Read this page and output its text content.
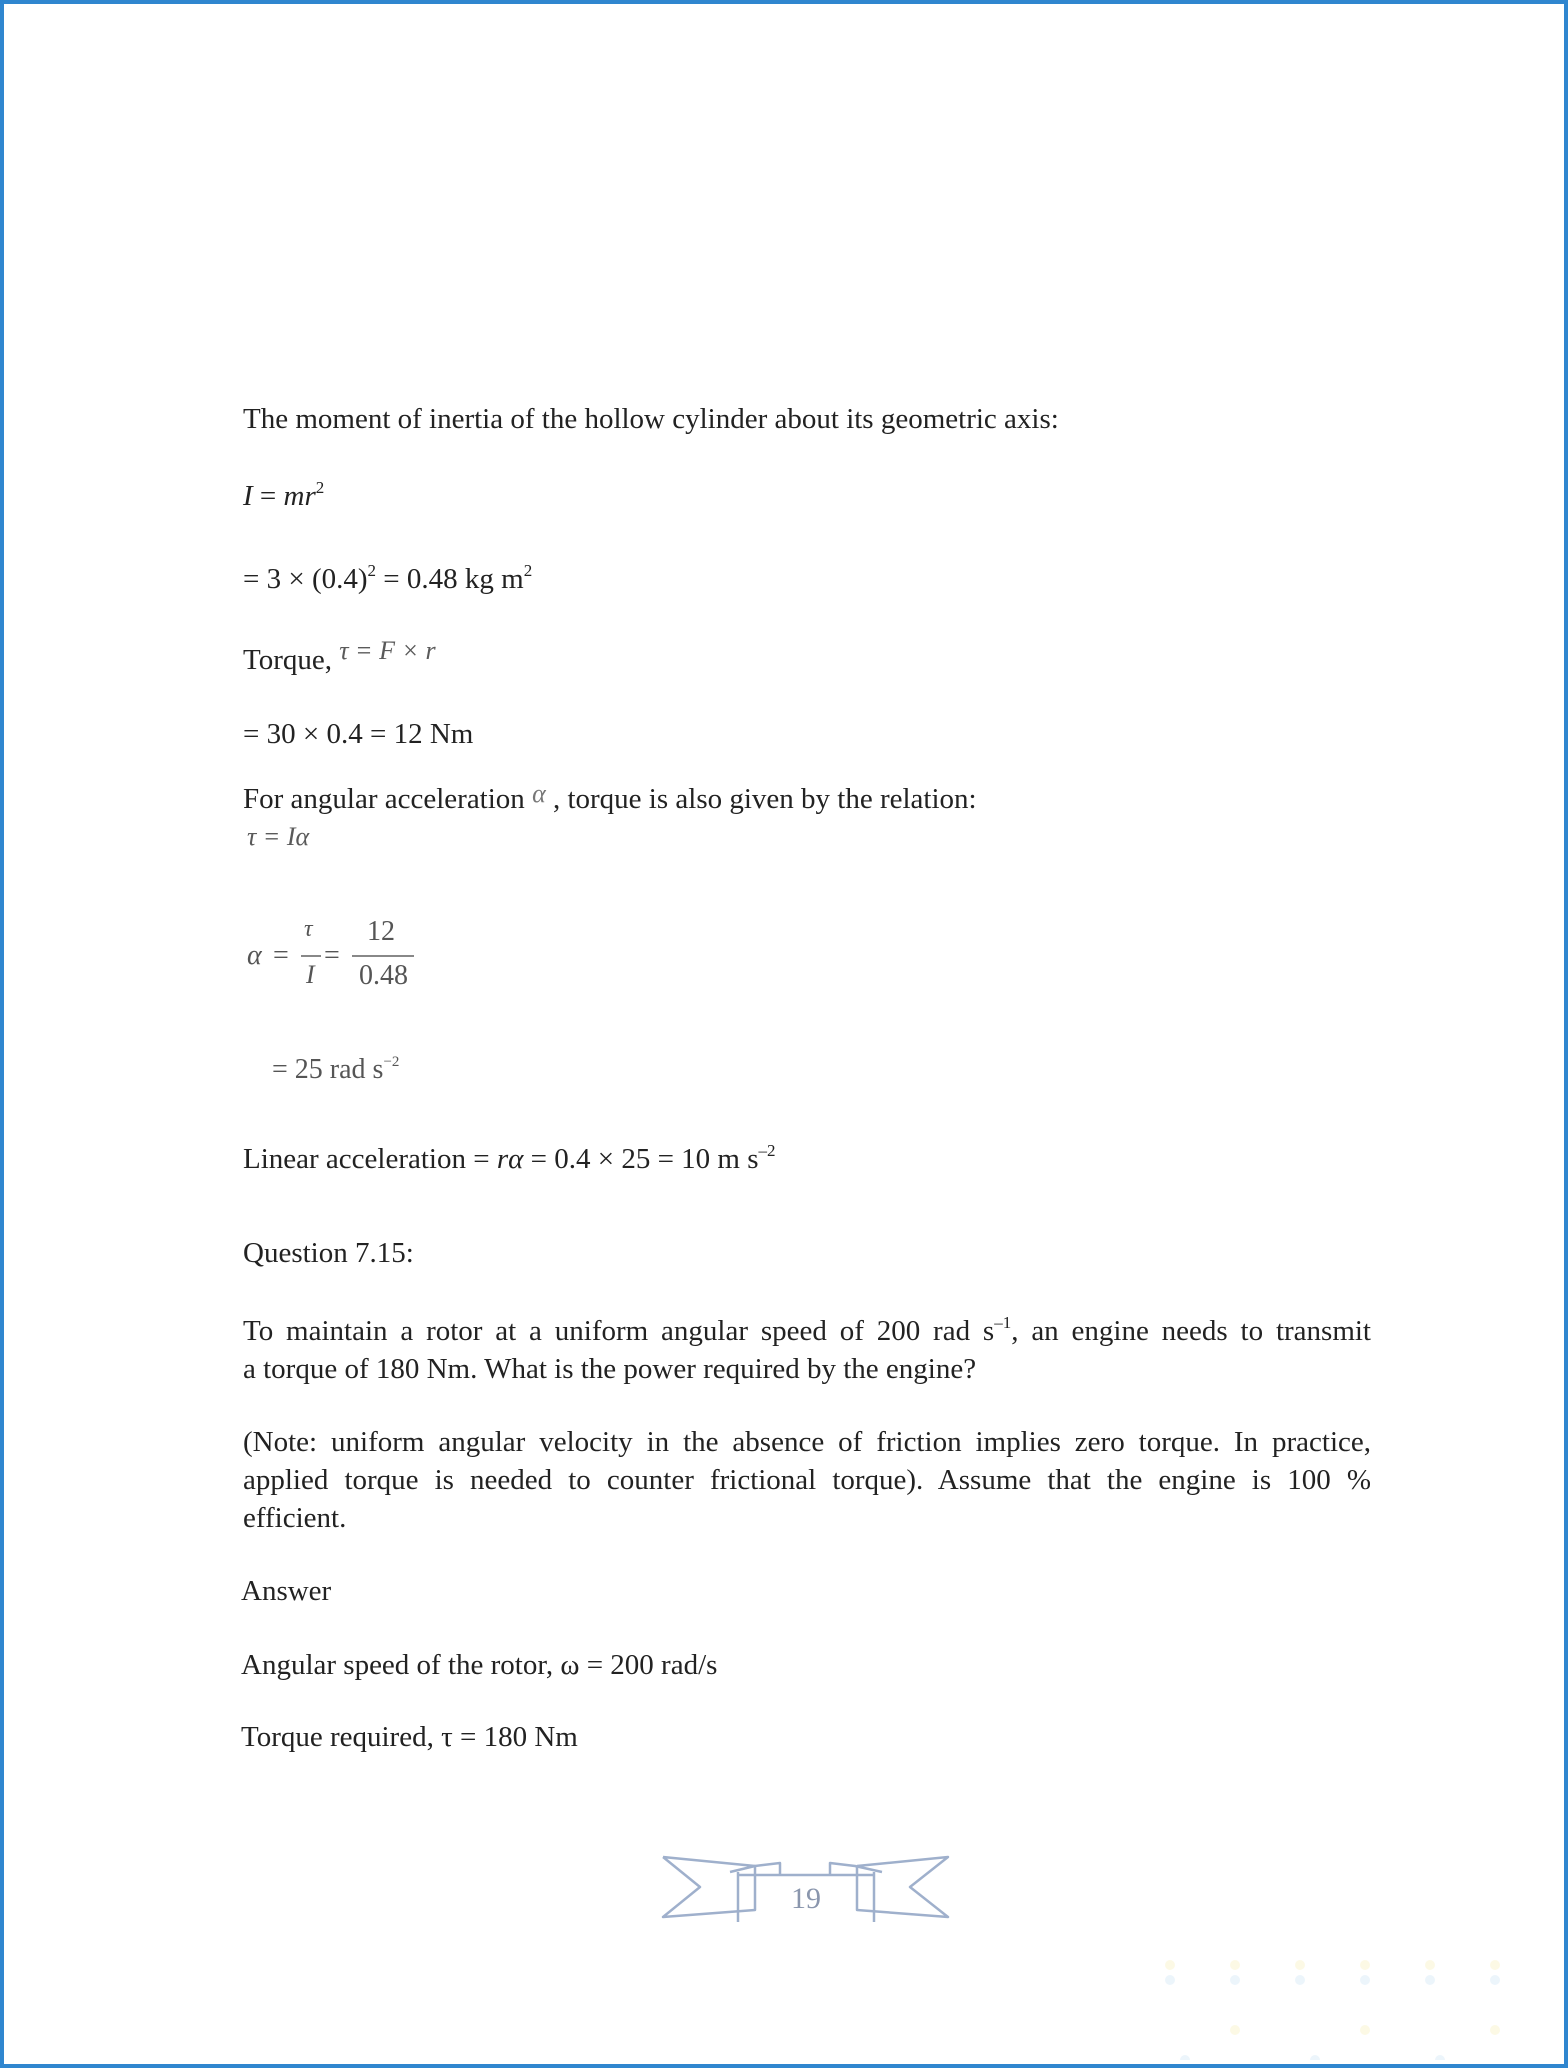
The moment of inertia of the hollow cylinder about its geometric axis:
$I = mr^2$
= $3 \times (0.4)^2 = 0.48$ kg $m^2$
Torque, τ = F × r
= 30 × 0.4 = 12 Nm
For angular acceleration α , torque is also given by the relation:
τ = Iα
α =
τ
I
=
12
0.48
= 25 rad $s^{-2}$
Linear acceleration = rα = 0.4 × 25 = 10 m $s^{-2}$
Question 7.15:
To maintain a rotor at a uniform angular speed of 200 rad $s^{-1}$, an engine needs to transmit
a torque of 180 Nm. What is the power required by the engine?
(Note: uniform angular velocity in the absence of friction implies zero torque. In practice,
applied torque is needed to counter frictional torque). Assume that the engine is 100 %
efficient.
Answer
Angular speed of the rotor, ω = 200 rad/s
Torque required, τ = 180 Nm
19
